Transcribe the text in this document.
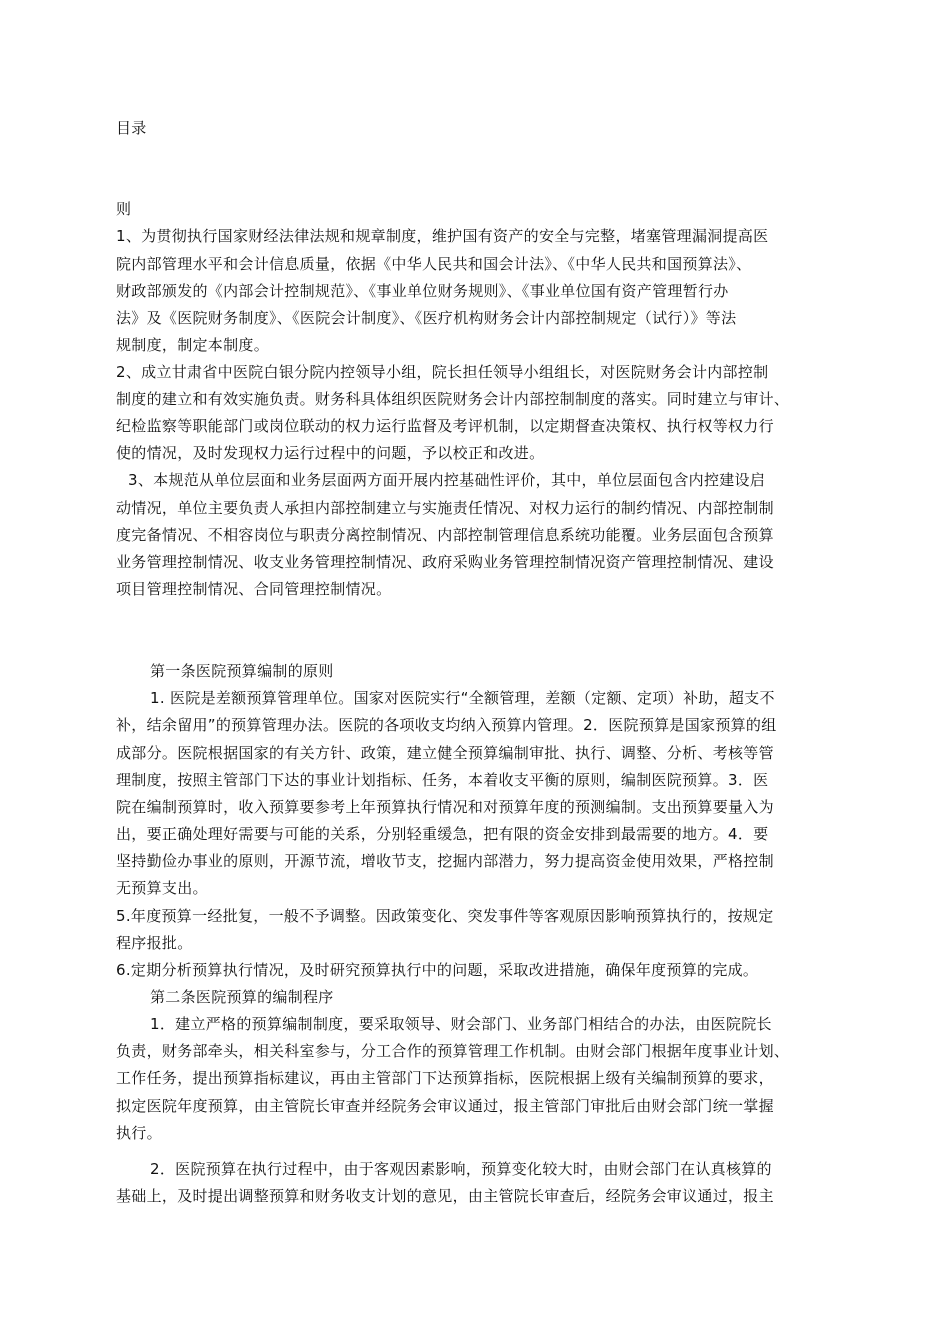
目录
则
1、为贯彻执行国家财经法律法规和规章制度，维护国有资产的安全与完整，堵塞管理漏洞提高医
院内部管理水平和会计信息质量，依据《中华人民共和国会计法》、《中华人民共和国预算法》、
财政部颁发的《内部会计控制规范》、《事业单位财务规则》、《事业单位国有资产管理暂行办
法》及《医院财务制度》、《医院会计制度》、《医疗机构财务会计内部控制规定（试行）》等法
规制度，制定本制度。
2、成立甘肃省中医院白银分院内控领导小组，院长担任领导小组组长，对医院财务会计内部控制
制度的建立和有效实施负责。财务科具体组织医院财务会计内部控制制度的落实。同时建立与审计、
纪检监察等职能部门或岗位联动的权力运行监督及考评机制，以定期督查决策权、执行权等权力行
使的情况，及时发现权力运行过程中的问题，予以校正和改进。
3、本规范从单位层面和业务层面两方面开展内控基础性评价，其中，单位层面包含内控建设启
动情况，单位主要负责人承担内部控制建立与实施责任情况、对权力运行的制约情况、内部控制制
度完备情况、不相容岗位与职责分离控制情况、内部控制管理信息系统功能覆。业务层面包含预算
业务管理控制情况、收支业务管理控制情况、政府采购业务管理控制情况资产管理控制情况、建设
项目管理控制情况、合同管理控制情况。
第一条医院预算编制的原则
1. 医院是差额预算管理单位。国家对医院实行“全额管理，差额（定额、定项）补助，超支不
补，结余留用”的预算管理办法。医院的各项收支均纳入预算内管理。2．医院预算是国家预算的组
成部分。医院根据国家的有关方针、政策，建立健全预算编制审批、执行、调整、分析、考核等管
理制度，按照主管部门下达的事业计划指标、任务，本着收支平衡的原则，编制医院预算。3．医
院在编制预算时，收入预算要参考上年预算执行情况和对预算年度的预测编制。支出预算要量入为
出，要正确处理好需要与可能的关系，分别轻重缓急，把有限的资金安排到最需要的地方。4．要
坚持勤俭办事业的原则，开源节流，增收节支，挖掘内部潜力，努力提高资金使用效果，严格控制
无预算支出。
5.年度预算一经批复，一般不予调整。因政策变化、突发事件等客观原因影响预算执行的，按规定
程序报批。
6.定期分析预算执行情况，及时研究预算执行中的问题，采取改进措施，确保年度预算的完成。
第二条医院预算的编制程序
1．建立严格的预算编制制度，要采取领导、财会部门、业务部门相结合的办法，由医院院长
负责，财务部牵头，相关科室参与，分工合作的预算管理工作机制。由财会部门根据年度事业计划、
工作任务，提出预算指标建议，再由主管部门下达预算指标，医院根据上级有关编制预算的要求，
拟定医院年度预算，由主管院长审查并经院务会审议通过，报主管部门审批后由财会部门统一掌握
执行。
2．医院预算在执行过程中，由于客观因素影响，预算变化较大时，由财会部门在认真核算的
基础上，及时提出调整预算和财务收支计划的意见，由主管院长审查后，经院务会审议通过，报主
